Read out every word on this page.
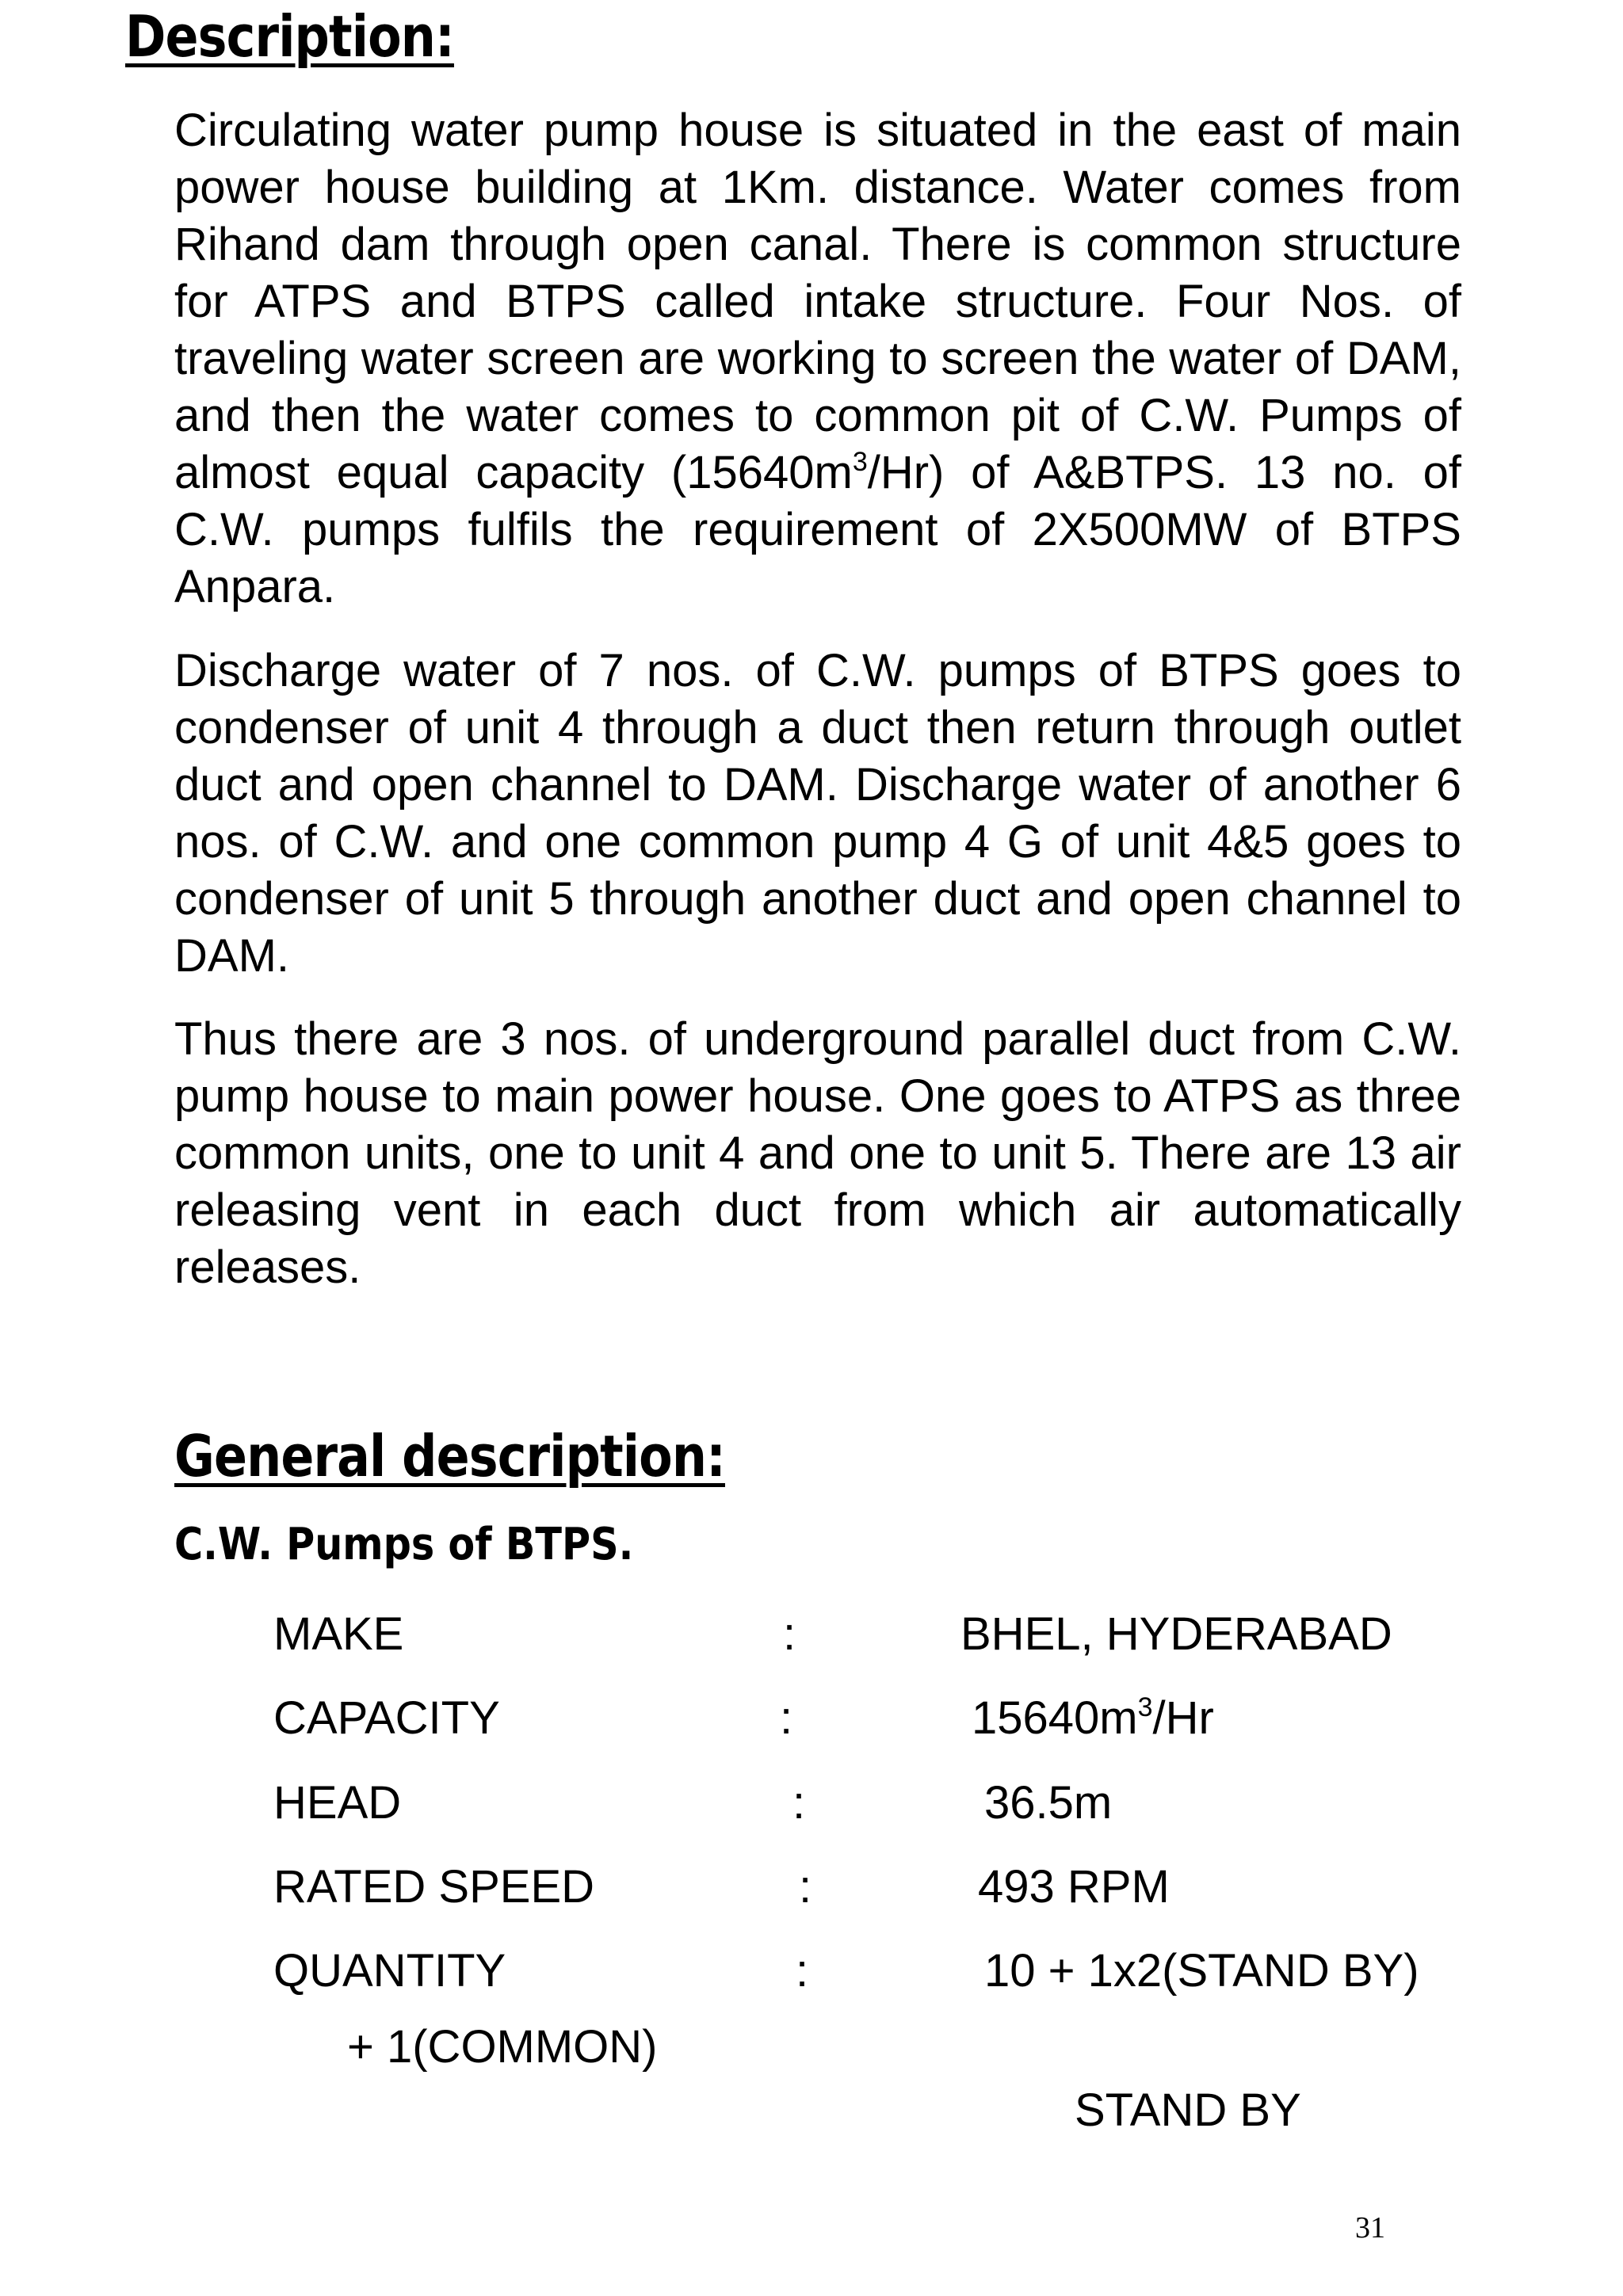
Description:

Circulating water pump house is situated in the east of main power house building at 1Km. distance. Water comes from Rihand dam through open canal. There is common structure for ATPS and BTPS called intake structure. Four Nos. of traveling water screen are working to screen the water of DAM, and then the water comes to common pit of C.W. Pumps of almost equal capacity $(15640m^3/Hr)$ of A&BTPS. 13 no. of C.W. pumps fulfils the requirement of 2X500MW of BTPS Anpara.

Discharge water of 7 nos. of C.W. pumps of BTPS goes to condenser of unit 4 through a duct then return through outlet duct and open channel to DAM. Discharge water of another 6 nos. of C.W. and one common pump 4 G of unit 4&5 goes to condenser of unit 5 through another duct and open channel to DAM.

Thus there are 3 nos. of underground parallel duct from C.W. pump house to main power house. One goes to ATPS as three common units, one to unit 4 and one to unit 5. There are 13 air releasing vent in each duct from which air automatically releases.

General description:
C.W. Pumps of BTPS.
MAKE	:	BHEL, HYDERABAD
CAPACITY	:	$15640m^3/Hr$
HEAD	:	36.5m
RATED SPEED	:	493 RPM
QUANTITY	:	10 + 1x2(STAND BY)
+ 1(COMMON)
STAND BY
31
